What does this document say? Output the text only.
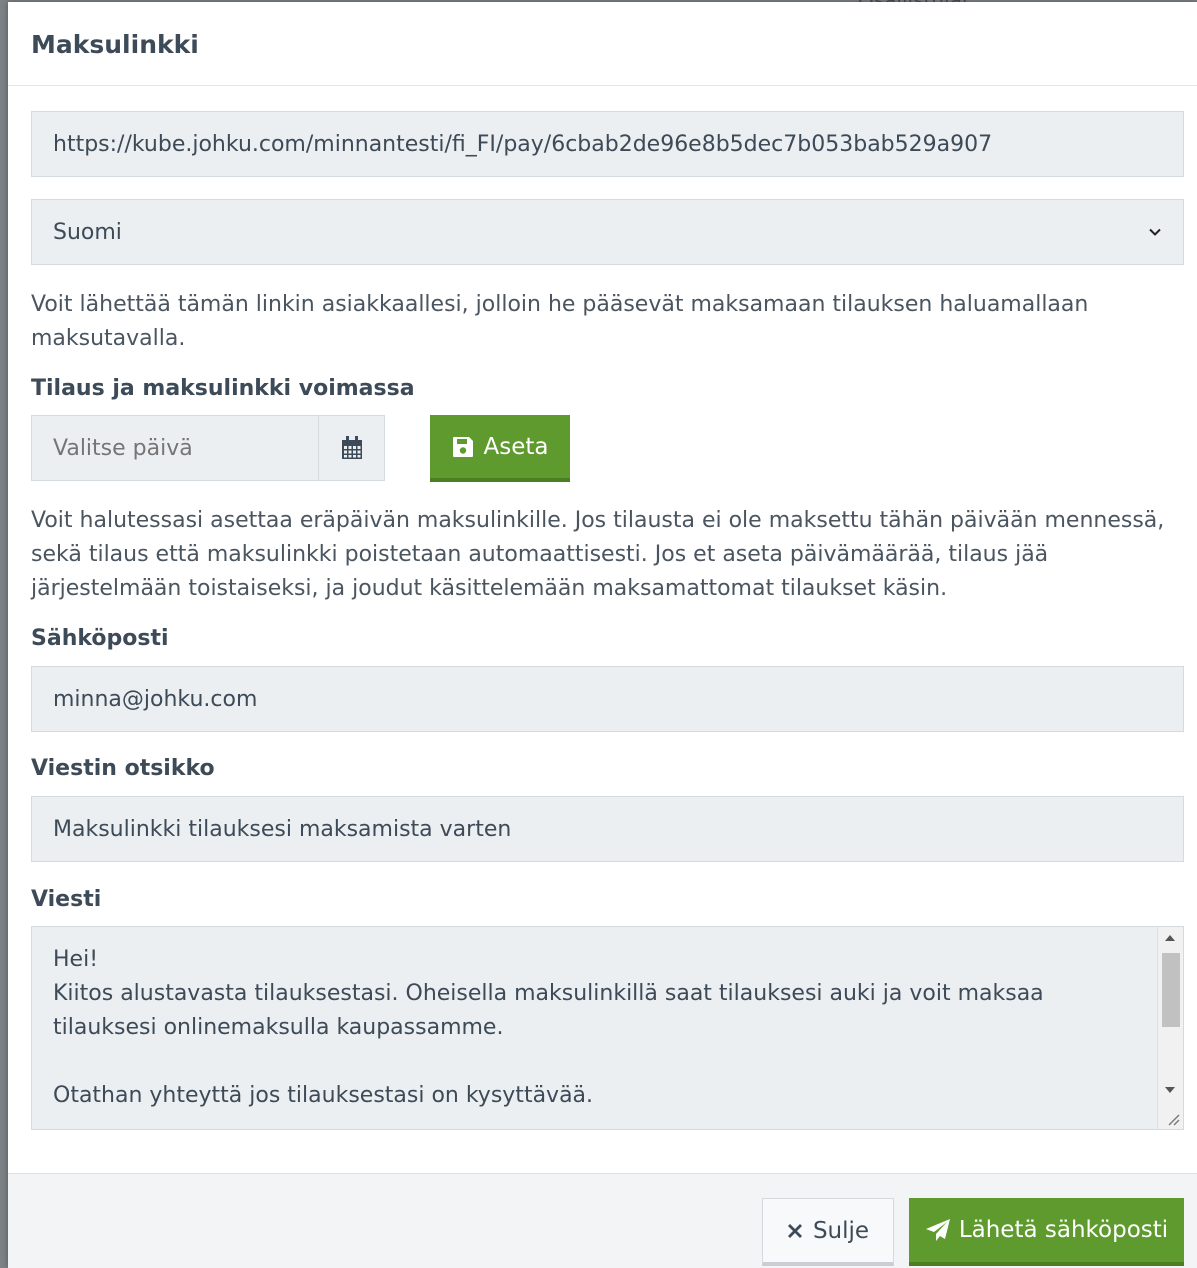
Maksulinkki
https://kube.johku.com/minnantesti/fi_FI/pay/6cbab2de96e8b5dec7b053bab529a907
Suomi

Voit lähettää tämän linkin asiakkaallesi, jolloin he pääsevät maksamaan tilauksen haluamallaan maksutavalla.

Tilaus ja maksulinkki voimassa
Valitse päivä
Aseta

Voit halutessasi asettaa eräpäivän maksulinkille. Jos tilausta ei ole maksettu tähän päivään mennessä, sekä tilaus että maksulinkki poistetaan automaattisesti. Jos et aseta päivämäärää, tilaus jää järjestelmään toistaiseksi, ja joudut käsittelemään maksamattomat tilaukset käsin.

Sähköposti
minna@johku.com
Viestin otsikko
Maksulinkki tilauksesi maksamista varten
Viesti

Hei!
Kiitos alustavasta tilauksestasi. Oheisella maksulinkillä saat tilauksesi auki ja voit maksaa tilauksesi onlinemaksulla kaupassamme.

Otathan yhteyttä jos tilauksestasi on kysyttävää.

Sulje	Lähetä sähköposti
